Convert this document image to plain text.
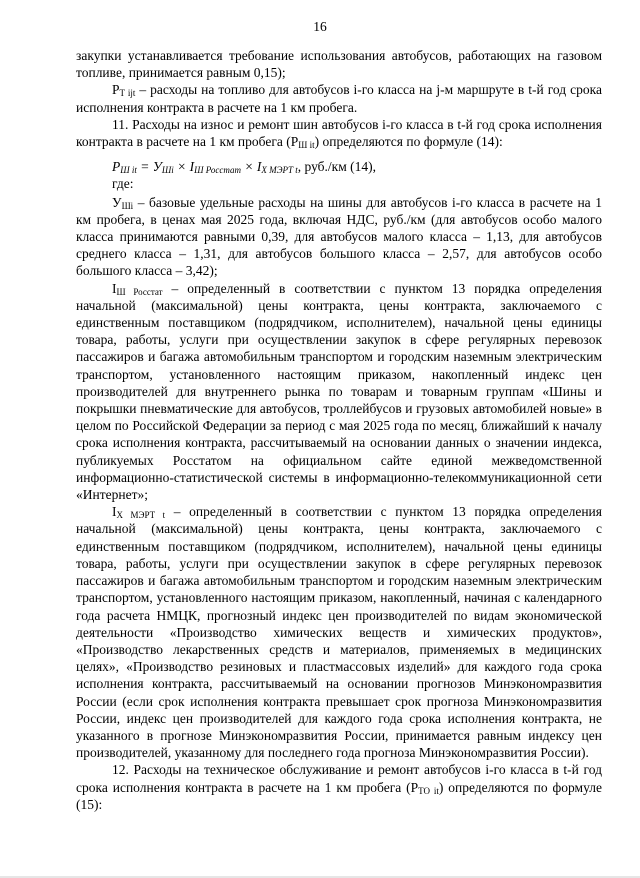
16

закупки устанавливается требование использования автобусов, работающих на газовом топливе, принимается равным 0,15);

$Р_{Т ijt}$ – расходы на топливо для автобусов i-го класса на j-м маршруте в t-й год срока исполнения контракта в расчете на 1 км пробега.

11. Расходы на износ и ремонт шин автобусов i-го класса в t-й год срока исполнения контракта в расчете на 1 км пробега $(Р_{Ш it})$ определяются по формуле (14):

$Р_{Ш it} = У_{Шi} \times I_{Ш Росстат} \times I_{Х МЭРТ t}$, руб./км (14),

где:

$У_{Шi}$ – базовые удельные расходы на шины для автобусов i-го класса в расчете на 1 км пробега, в ценах мая 2025 года, включая НДС, руб./км (для автобусов особо малого класса принимаются равными 0,39, для автобусов малого класса – 1,13, для автобусов среднего класса – 1,31, для автобусов большого класса – 2,57, для автобусов особо большого класса – 3,42);

$I_{Ш Росстат}$ – определенный в соответствии с пунктом 13 порядка определения начальной (максимальной) цены контракта, цены контракта, заключаемого с единственным поставщиком (подрядчиком, исполнителем), начальной цены единицы товара, работы, услуги при осуществлении закупок в сфере регулярных перевозок пассажиров и багажа автомобильным транспортом и городским наземным электрическим транспортом, установленного настоящим приказом, накопленный индекс цен производителей для внутреннего рынка по товарам и товарным группам «Шины и покрышки пневматические для автобусов, троллейбусов и грузовых автомобилей новые» в целом по Российской Федерации за период с мая 2025 года по месяц, ближайший к началу срока исполнения контракта, рассчитываемый на основании данных о значении индекса, публикуемых Росстатом на официальном сайте единой межведомственной информационно-статистической системы в информационно-телекоммуникационной сети «Интернет»;

$I_{Х МЭРТ t}$ – определенный в соответствии с пунктом 13 порядка определения начальной (максимальной) цены контракта, цены контракта, заключаемого с единственным поставщиком (подрядчиком, исполнителем), начальной цены единицы товара, работы, услуги при осуществлении закупок в сфере регулярных перевозок пассажиров и багажа автомобильным транспортом и городским наземным электрическим транспортом, установленного настоящим приказом, накопленный, начиная с календарного года расчета НМЦК, прогнозный индекс цен производителей по видам экономической деятельности «Производство химических веществ и химических продуктов», «Производство лекарственных средств и материалов, применяемых в медицинских целях», «Производство резиновых и пластмассовых изделий» для каждого года срока исполнения контракта, рассчитываемый на основании прогнозов Минэкономразвития России (если срок исполнения контракта превышает срок прогноза Минэкономразвития России, индекс цен производителей для каждого года срока исполнения контракта, не указанного в прогнозе Минэкономразвития России, принимается равным индексу цен производителей, указанному для последнего года прогноза Минэкономразвития России).

12. Расходы на техническое обслуживание и ремонт автобусов i-го класса в t-й год срока исполнения контракта в расчете на 1 км пробега $(Р_{ТО it})$ определяются по формуле (15):
